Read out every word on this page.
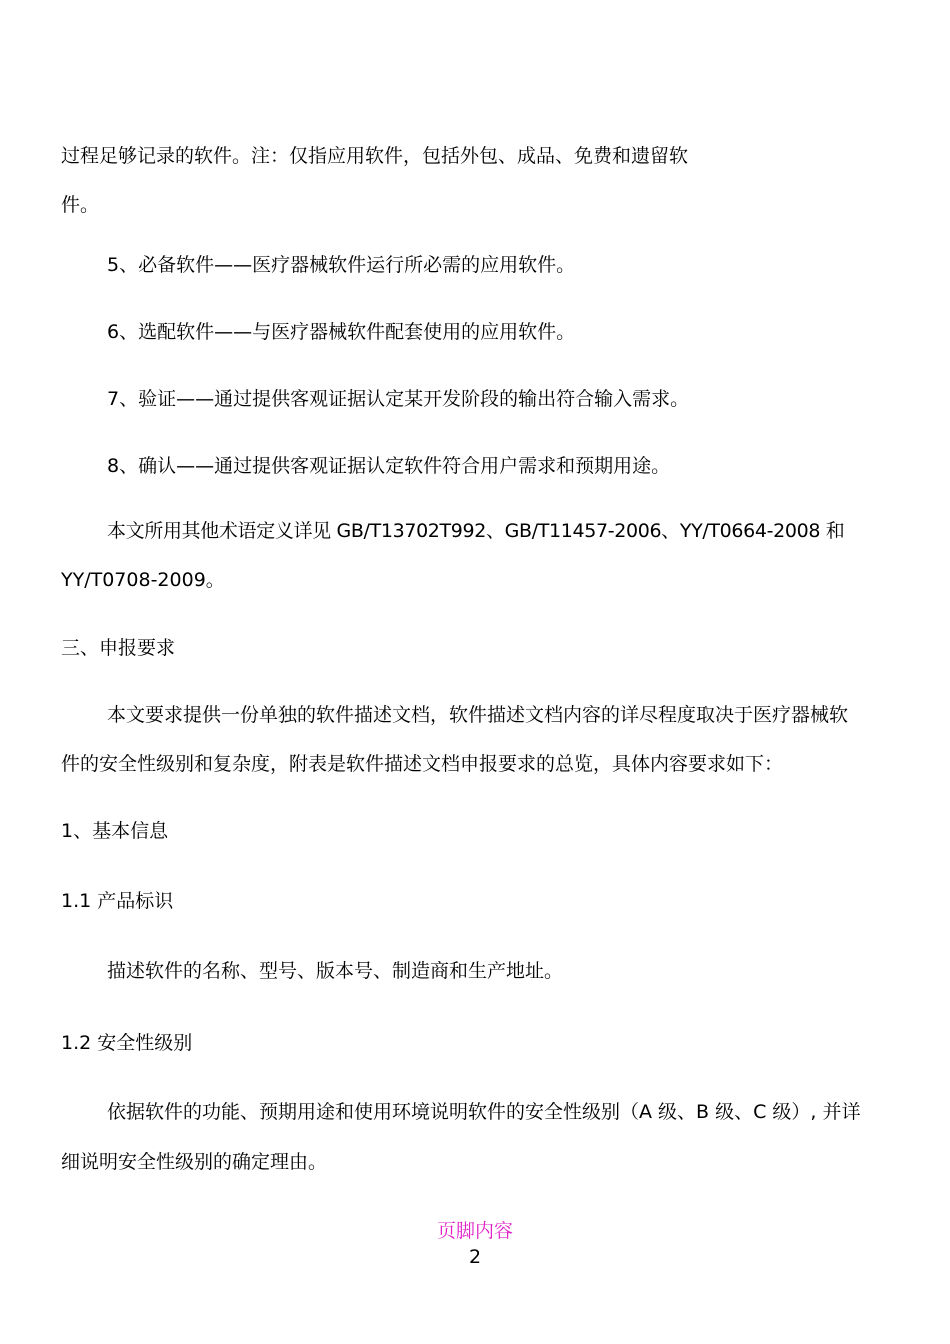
过程足够记录的软件。注：仅指应用软件，包括外包、成品、免费和遗留软

件。

5、必备软件——医疗器械软件运行所必需的应用软件。

6、选配软件——与医疗器械软件配套使用的应用软件。

7、验证——通过提供客观证据认定某开发阶段的输出符合输入需求。

8、确认——通过提供客观证据认定软件符合用户需求和预期用途。

本文所用其他术语定义详见 GB/T13702T992、GB/T11457-2006、YY/T0664-2008 和

YY/T0708-2009。

三、申报要求

本文要求提供一份单独的软件描述文档，软件描述文档内容的详尽程度取决于医疗器械软

件的安全性级别和复杂度，附表是软件描述文档申报要求的总览，具体内容要求如下：

1、基本信息

1.1 产品标识

描述软件的名称、型号、版本号、制造商和生产地址。

1.2 安全性级别

依据软件的功能、预期用途和使用环境说明软件的安全性级别（A 级、B 级、C 级）, 并详

细说明安全性级别的确定理由。

页脚内容
2
